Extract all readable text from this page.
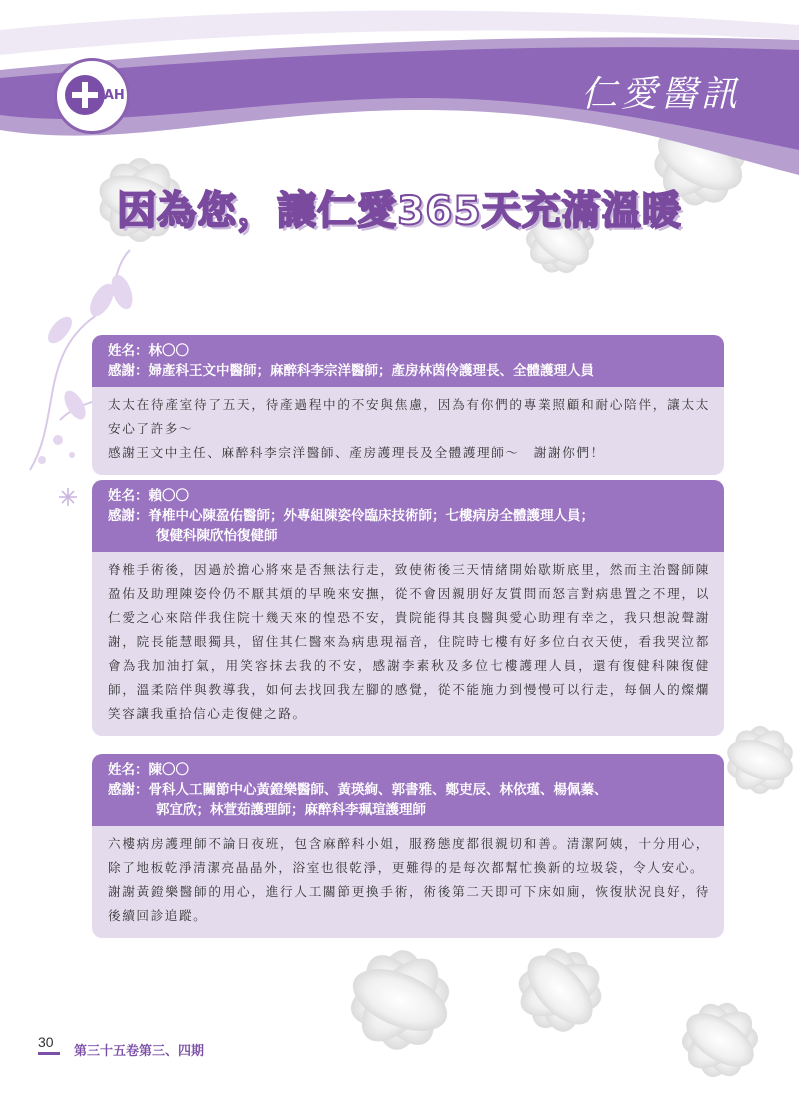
JAH	仁愛醫訊
因為您，讓仁愛365天充滿溫暖
姓名： 林〇〇
感謝： 婦產科王文中醫師；麻醉科李宗洋醫師；產房林茵伶護理長、全體護理人員

太太在待產室待了五天，待產過程中的不安與焦慮，因為有你們的專業照顧和耐心陪伴，讓太太安心了許多～

感謝王文中主任、麻醉科李宗洋醫師、產房護理長及全體護理師～　謝謝你們！

姓名： 賴〇〇
感謝： 脊椎中心陳盈佑醫師；外專組陳姿伶臨床技術師；七樓病房全體護理人員；
復健科陳欣怡復健師

脊椎手術後，因過於擔心將來是否無法行走，致使術後三天情緒開始歇斯底里，然而主治醫師陳盈佑及助理陳姿伶仍不厭其煩的早晚來安撫，從不會因親朋好友質問而怒言對病患置之不理，以仁愛之心來陪伴我住院十幾天來的惶恐不安，貴院能得其良醫與愛心助理有幸之，我只想說聲謝謝，院長能慧眼獨具，留住其仁醫來為病患現福音，住院時七樓有好多位白衣天使，看我哭泣都會為我加油打氣，用笑容抹去我的不安，感謝李素秋及多位七樓護理人員，還有復健科陳復健師，溫柔陪伴與教導我，如何去找回我左腳的感覺，從不能施力到慢慢可以行走，每個人的燦爛笑容讓我重拾信心走復健之路。

姓名： 陳〇〇
感謝： 骨科人工關節中心黃鐙樂醫師、黃瑛絢、郭書雅、鄭吏辰、林依瑾、楊佩蓁、
郭宜欣；林萱茹護理師；麻醉科李珮瑄護理師

六樓病房護理師不論日夜班，包含麻醉科小姐，服務態度都很親切和善。清潔阿姨，十分用心，除了地板乾淨清潔亮晶晶外，浴室也很乾淨，更難得的是每次都幫忙換新的垃圾袋，令人安心。

謝謝黃鐙樂醫師的用心，進行人工關節更換手術，術後第二天即可下床如廁，恢復狀況良好，待後續回診追蹤。

30
第三十五卷第三、四期
